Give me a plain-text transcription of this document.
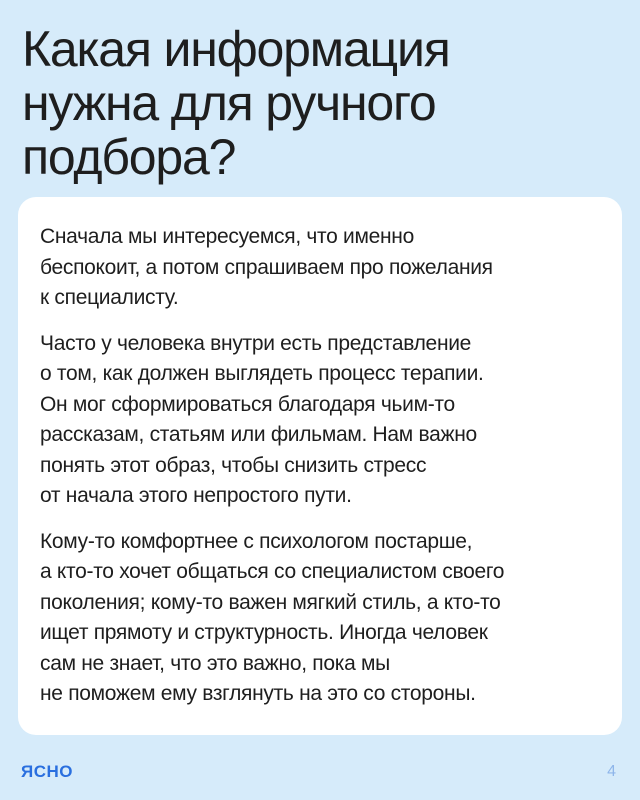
Какая информация
нужна для ручного
подбора?

Сначала мы интересуемся, что именно
беспокоит, а потом спрашиваем про пожелания
к специалисту.

Часто у человека внутри есть представление
о том, как должен выглядеть процесс терапии.
Он мог сформироваться благодаря чьим-то
рассказам, статьям или фильмам. Нам важно
понять этот образ, чтобы снизить стресс
от начала этого непростого пути.

Кому-то комфортнее с психологом постарше,
а кто-то хочет общаться со специалистом своего
поколения; кому-то важен мягкий стиль, а кто-то
ищет прямоту и структурность. Иногда человек
сам не знает, что это важно, пока мы
не поможем ему взглянуть на это со стороны.

ЯСНО	4
